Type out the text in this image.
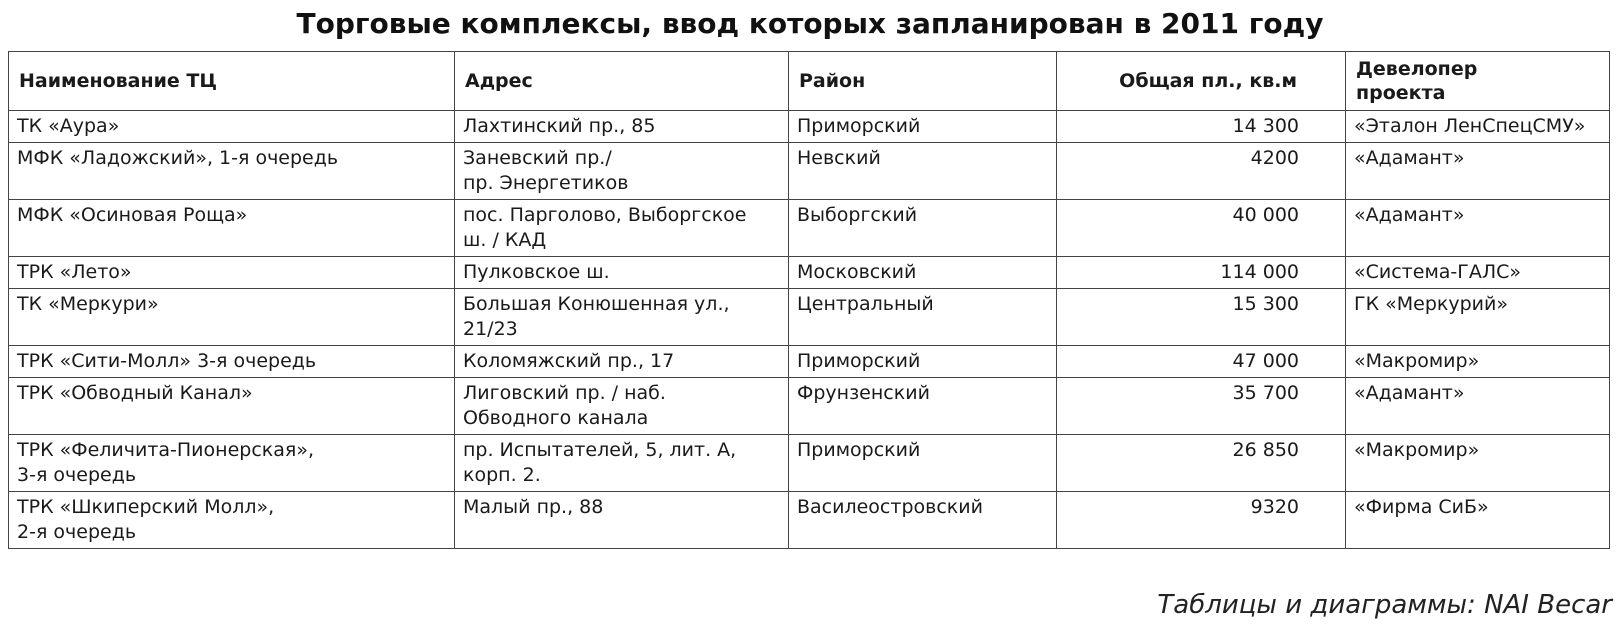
Торговые комплексы, ввод которых запланирован в 2011 году
Наименование ТЦ	Адрес	Район	Общая пл., кв.м	Девелопер
проекта

ТК «Аура»	Лахтинский пр., 85	Приморский	14 300	«Эталон ЛенСпецСМУ»

МФК «Ладожский», 1-я очередь	Заневский пр./
пр. Энергетиков	Невский	4200	«Адамант»

МФК «Осиновая Роща»	пос. Парголово, Выборгское
ш. / КАД	Выборгский	40 000	«Адамант»

ТРК «Лето»	Пулковское ш.	Московский	114 000	«Система-ГАЛС»

ТК «Меркури»	Большая Конюшенная ул.,
21/23	Центральный	15 300	ГК «Меркурий»

ТРК «Сити-Молл» 3-я очередь	Коломяжский пр., 17	Приморский	47 000	«Макромир»

ТРК «Обводный Канал»	Лиговский пр. / наб.
Обводного канала	Фрунзенский	35 700	«Адамант»

ТРК «Феличита-Пионерская»,
3-я очередь	пр. Испытателей, 5, лит. А,
корп. 2.	Приморский	26 850	«Макромир»

ТРК «Шкиперский Молл»,
2-я очередь	Малый пр., 88	Василеостровский	9320	«Фирма СиБ»
Таблицы и диаграммы: NAI Becar
